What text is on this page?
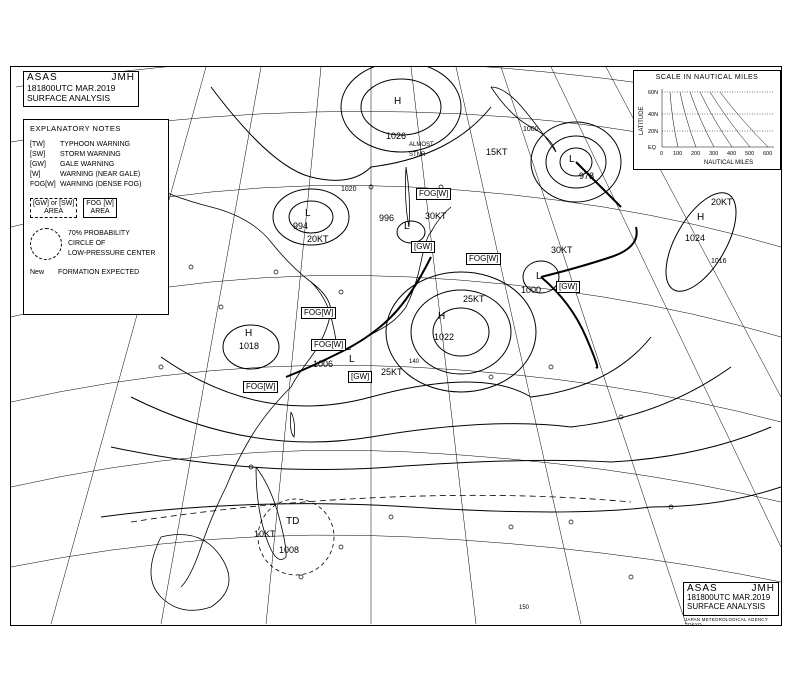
ASAS	JMH
181800UTC MAR.2019
SURFACE ANALYSIS
EXPLANATORY NOTES
[TW]	TYPHOON WARNING
[SW]	STORM WARNING
[GW]	GALE WARNING
[W]	WARNING (NEAR GALE)
FOG[W] WARNING (DENSE FOG)
[GW] or [SW]
AREA
FOG [W]
AREA
70% PROBABILITY
CIRCLE OF
LOW-PRESSURE CENTER
New FORMATION EXPECTED
SCALE IN NAUTICAL MILES
LATITUDE
60N
40N
20N
EQ
0 100 200 300 400 500 600
NAUTICAL MILES
H
1026
ALMOST STNR
L
996
FOG[W]
30KT
[GW]
L
994
20KT
H
1022
25KT
FOG[W]
L
1000
30KT
[GW]
L
978
15KT
H
1024
20KT
H
1018
FOG[W]
FOG[W]
L
1006
FOG[W]
[GW]	25KT
TD
1008
10KT
1020
1016
1000
140
150
ASAS	JMH
181800UTC MAR.2019
SURFACE ANALYSIS
JAPAN METEOROLOGICAL AGENCY TOKYO
